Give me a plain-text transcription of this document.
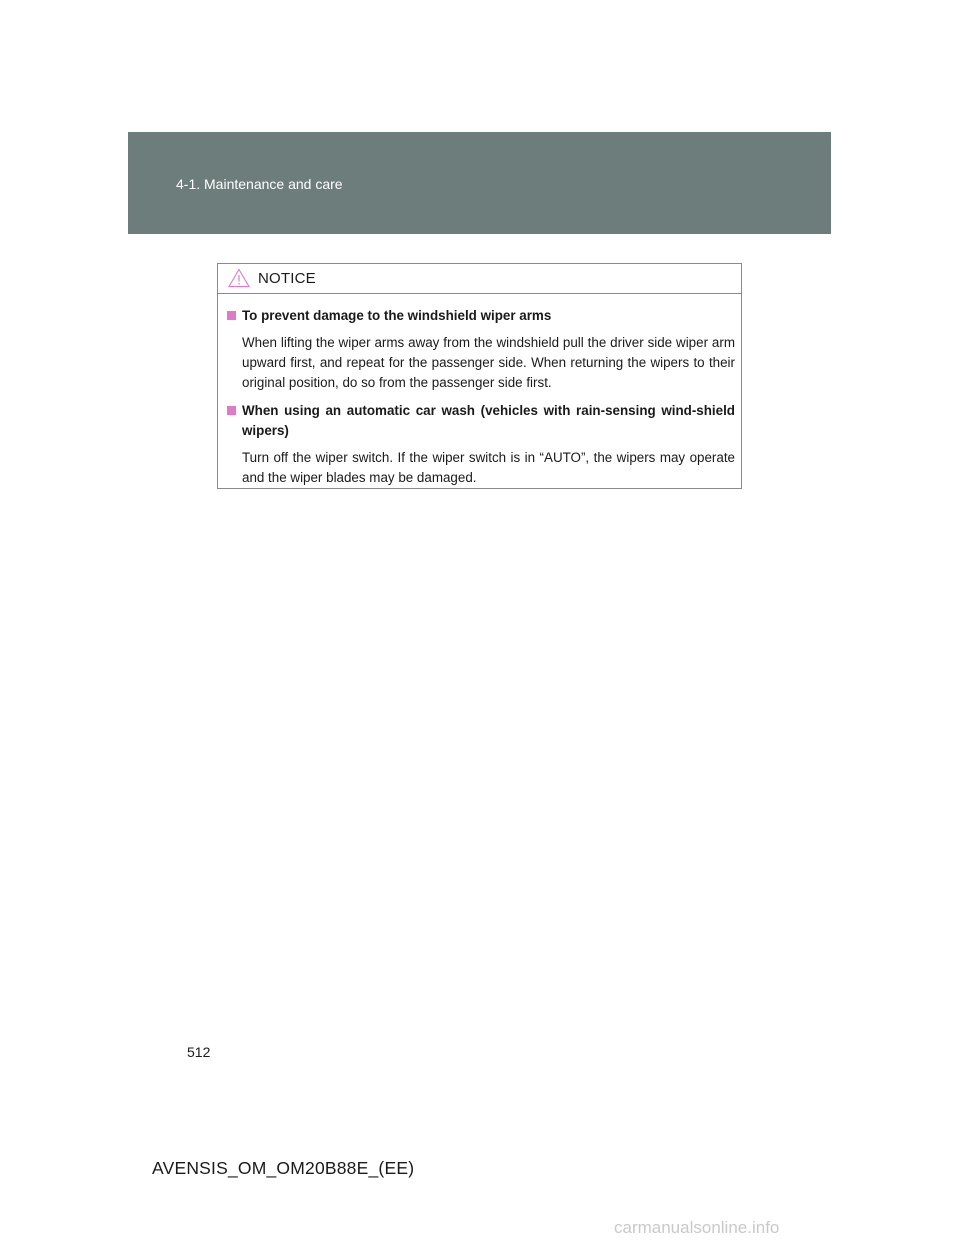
4-1. Maintenance and care
NOTICE
To prevent damage to the windshield wiper arms
When lifting the wiper arms away from the windshield pull the driver side wiper arm upward first, and repeat for the passenger side. When returning the wipers to their original position, do so from the passenger side first.
When using an automatic car wash (vehicles with rain-sensing wind-shield wipers)
Turn off the wiper switch. If the wiper switch is in “AUTO”, the wipers may operate and the wiper blades may be damaged.
512
AVENSIS_OM_OM20B88E_(EE)
carmanualsonline.info
